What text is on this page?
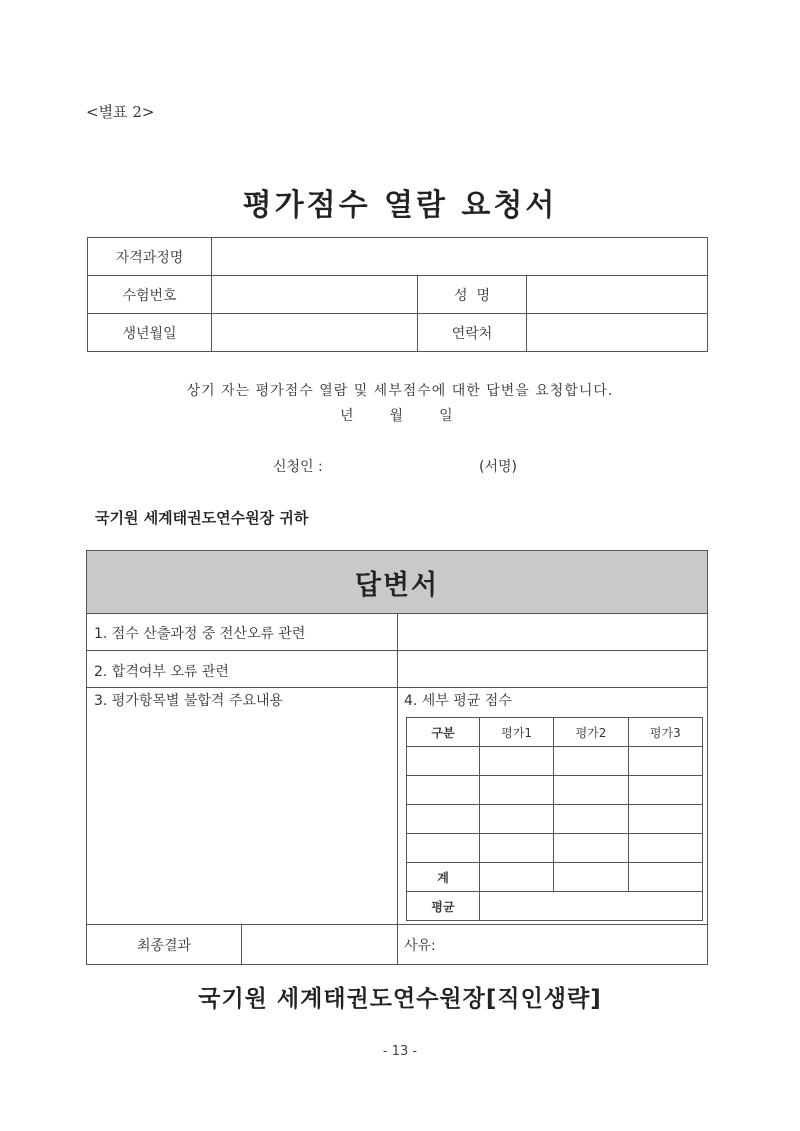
<별표 2>
평가점수 열람 요청서
자격과정명			
수험번호		성  명	
생년월일		연락처	
상기 자는 평가점수 열람 및 세부점수에 대한 답변을 요청합니다.
년	월	일
신청인 :	(서명)
국기원 세계태권도연수원장 귀하
답변서
1. 점수 산출과정 중 전산오류 관련
2. 합격여부 오류 관련
3. 평가항목별 불합격 주요내용	4. 세부 평균 점수
구분	평가1	평가2	평가3

계			
평균			
최종결과	사유:
국기원 세계태권도연수원장[직인생략]
- 13 -
